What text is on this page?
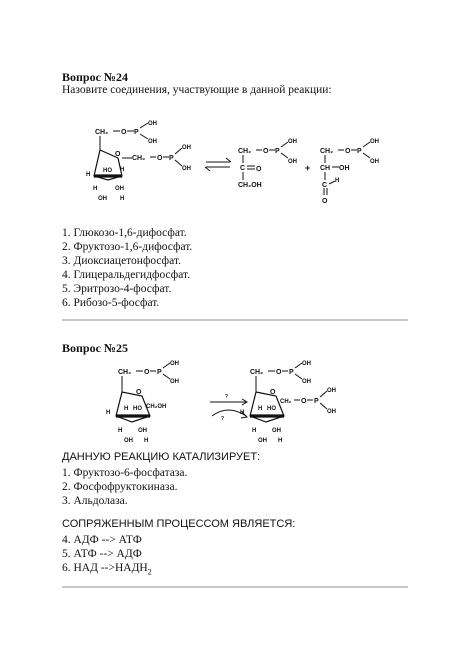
Вопрос №24
Назовите соединения, участвующие в данной реакции:
CH₂ O P
OH
OH
O
CH₂ O P
OH
OH
H
HO H
H	OH
OH H
CH₂ O P
OH
OH
C O
CH₂OH
+
CH₂ O P
OH
OH
CH OH
C
O
H
1. Глюкозо-1,6-дифосфат.
2. Фруктозо-1,6-дифосфат.
3. Диоксиацетонфосфат.
4. Глицеральдегидфосфат.
5. Эритрозо-4-фосфат.
6. Рибозо-5-фосфат.
Вопрос №25
CH₂ O P
OH
OH
O
CH₂OH
H
H HO
H	OH
OH H
?
?
CH₂ O P
OH
OH
O
CH₂ O P
OH
OH
H
H HO
H	OH
OH H
ДАННУЮ РЕАКЦИЮ КАТАЛИЗИРУЕТ:
1. Фруктозо-6-фосфатаза.
2. Фосфофруктокиназа.
3. Альдолаза.
СОПРЯЖЕННЫМ ПРОЦЕССОМ ЯВЛЯЕТСЯ:
4. АДФ --> АТФ
5. АТФ --> АДФ
6. НАД $-->НАДН_2$
